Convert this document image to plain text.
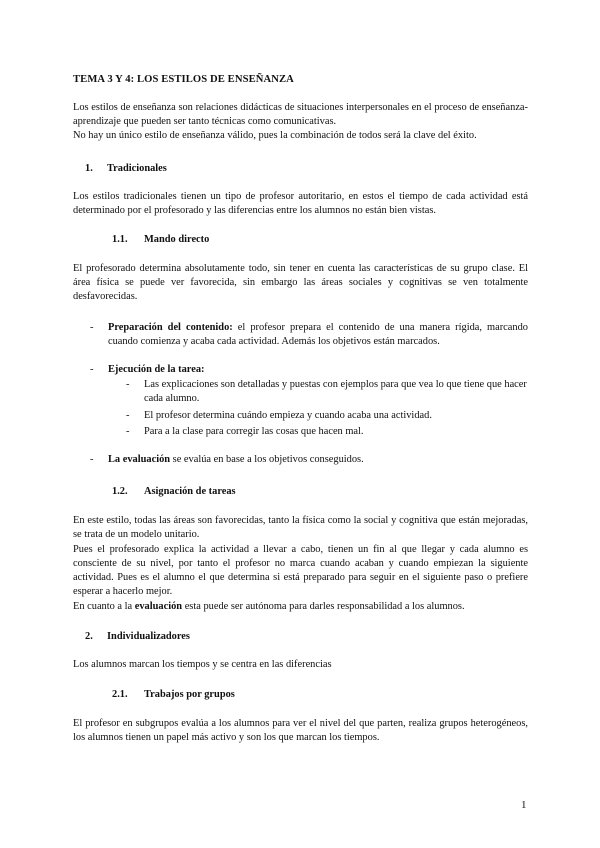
TEMA 3 Y 4: LOS ESTILOS DE ENSEÑANZA
Los estilos de enseñanza son relaciones didácticas de situaciones interpersonales en el proceso de enseñanza-aprendizaje que pueden ser tanto técnicas como comunicativas.
No hay un único estilo de enseñanza válido, pues la combinación de todos será la clave del éxito.
1. Tradicionales
Los estilos tradicionales tienen un tipo de profesor autoritario, en estos el tiempo de cada actividad está determinado por el profesorado y las diferencias entre los alumnos no están bien vistas.
1.1. Mando directo
El profesorado determina absolutamente todo, sin tener en cuenta las características de su grupo clase. El área física se puede ver favorecida, sin embargo las áreas sociales y cognitivas se ven totalmente desfavorecidas.
- Preparación del contenido: el profesor prepara el contenido de una manera rígida, marcando cuando comienza y acaba cada actividad. Además los objetivos están marcados.
- Ejecución de la tarea:
- Las explicaciones son detalladas y puestas con ejemplos para que vea lo que tiene que hacer cada alumno.
- El profesor determina cuándo empieza y cuando acaba una actividad.
- Para a la clase para corregir las cosas que hacen mal.
- La evaluación se evalúa en base a los objetivos conseguidos.
1.2. Asignación de tareas
En este estilo, todas las áreas son favorecidas, tanto la física como la social y cognitiva que están mejoradas, se trata de un modelo unitario.
Pues el profesorado explica la actividad a llevar a cabo, tienen un fin al que llegar y cada alumno es consciente de su nivel, por tanto el profesor no marca cuando acaban y cuando empiezan la siguiente actividad. Pues es el alumno el que determina si está preparado para seguir en el siguiente paso o prefiere esperar a hacerlo mejor.
En cuanto a la evaluación esta puede ser autónoma para darles responsabilidad a los alumnos.
2. Individualizadores
Los alumnos marcan los tiempos y se centra en las diferencias
2.1. Trabajos por grupos
El profesor en subgrupos evalúa a los alumnos para ver el nivel del que parten, realiza grupos heterogéneos, los alumnos tienen un papel más activo y son los que marcan los tiempos.
1
